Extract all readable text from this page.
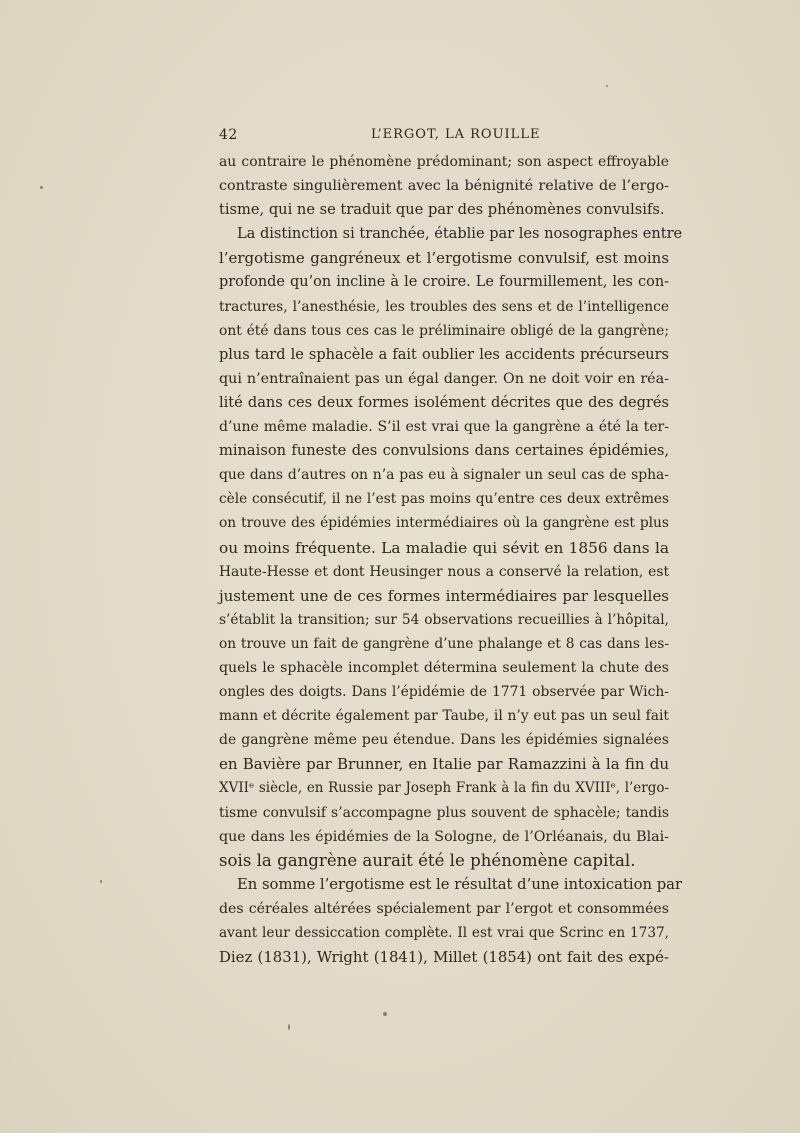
42	L’ERGOT, LA ROUILLE
au contraire le phénomène prédominant; son aspect effroyable
contraste singulièrement avec la bénignité relative de l’ergo-
tisme, qui ne se traduit que par des phénomènes convulsifs.
La distinction si tranchée, établie par les nosographes entre
l’ergotisme gangréneux et l’ergotisme convulsif, est moins
profonde qu’on incline à le croire. Le fourmillement, les con-
tractures, l’anesthésie, les troubles des sens et de l’intelligence
ont été dans tous ces cas le préliminaire obligé de la gangrène;
plus tard le sphacèle a fait oublier les accidents précurseurs
qui n’entraînaient pas un égal danger. On ne doit voir en réa-
lité dans ces deux formes isolément décrites que des degrés
d’une même maladie. S’il est vrai que la gangrène a été la ter-
minaison funeste des convulsions dans certaines épidémies,
que dans d’autres on n’a pas eu à signaler un seul cas de spha-
cèle consécutif, il ne l’est pas moins qu’entre ces deux extrêmes
on trouve des épidémies intermédiaires où la gangrène est plus
ou moins fréquente. La maladie qui sévit en 1856 dans la
Haute-Hesse et dont Heusinger nous a conservé la relation, est
justement une de ces formes intermédiaires par lesquelles
s’établit la transition; sur 54 observations recueillies à l’hôpital,
on trouve un fait de gangrène d’une phalange et 8 cas dans les-
quels le sphacèle incomplet détermina seulement la chute des
ongles des doigts. Dans l’épidémie de 1771 observée par Wich-
mann et décrite également par Taube, il n’y eut pas un seul fait
de gangrène même peu étendue. Dans les épidémies signalées
en Bavière par Brunner, en Italie par Ramazzini à la fin du
XVIIᵉ siècle, en Russie par Joseph Frank à la fin du XVIIIᵉ, l’ergo-
tisme convulsif s’accompagne plus souvent de sphacèle; tandis
que dans les épidémies de la Sologne, de l’Orléanais, du Blai-
sois la gangrène aurait été le phénomène capital.
En somme l’ergotisme est le résultat d’une intoxication par
des céréales altérées spécialement par l’ergot et consommées
avant leur dessiccation complète. Il est vrai que Scrinc en 1737,
Diez (1831), Wright (1841), Millet (1854) ont fait des expé-
